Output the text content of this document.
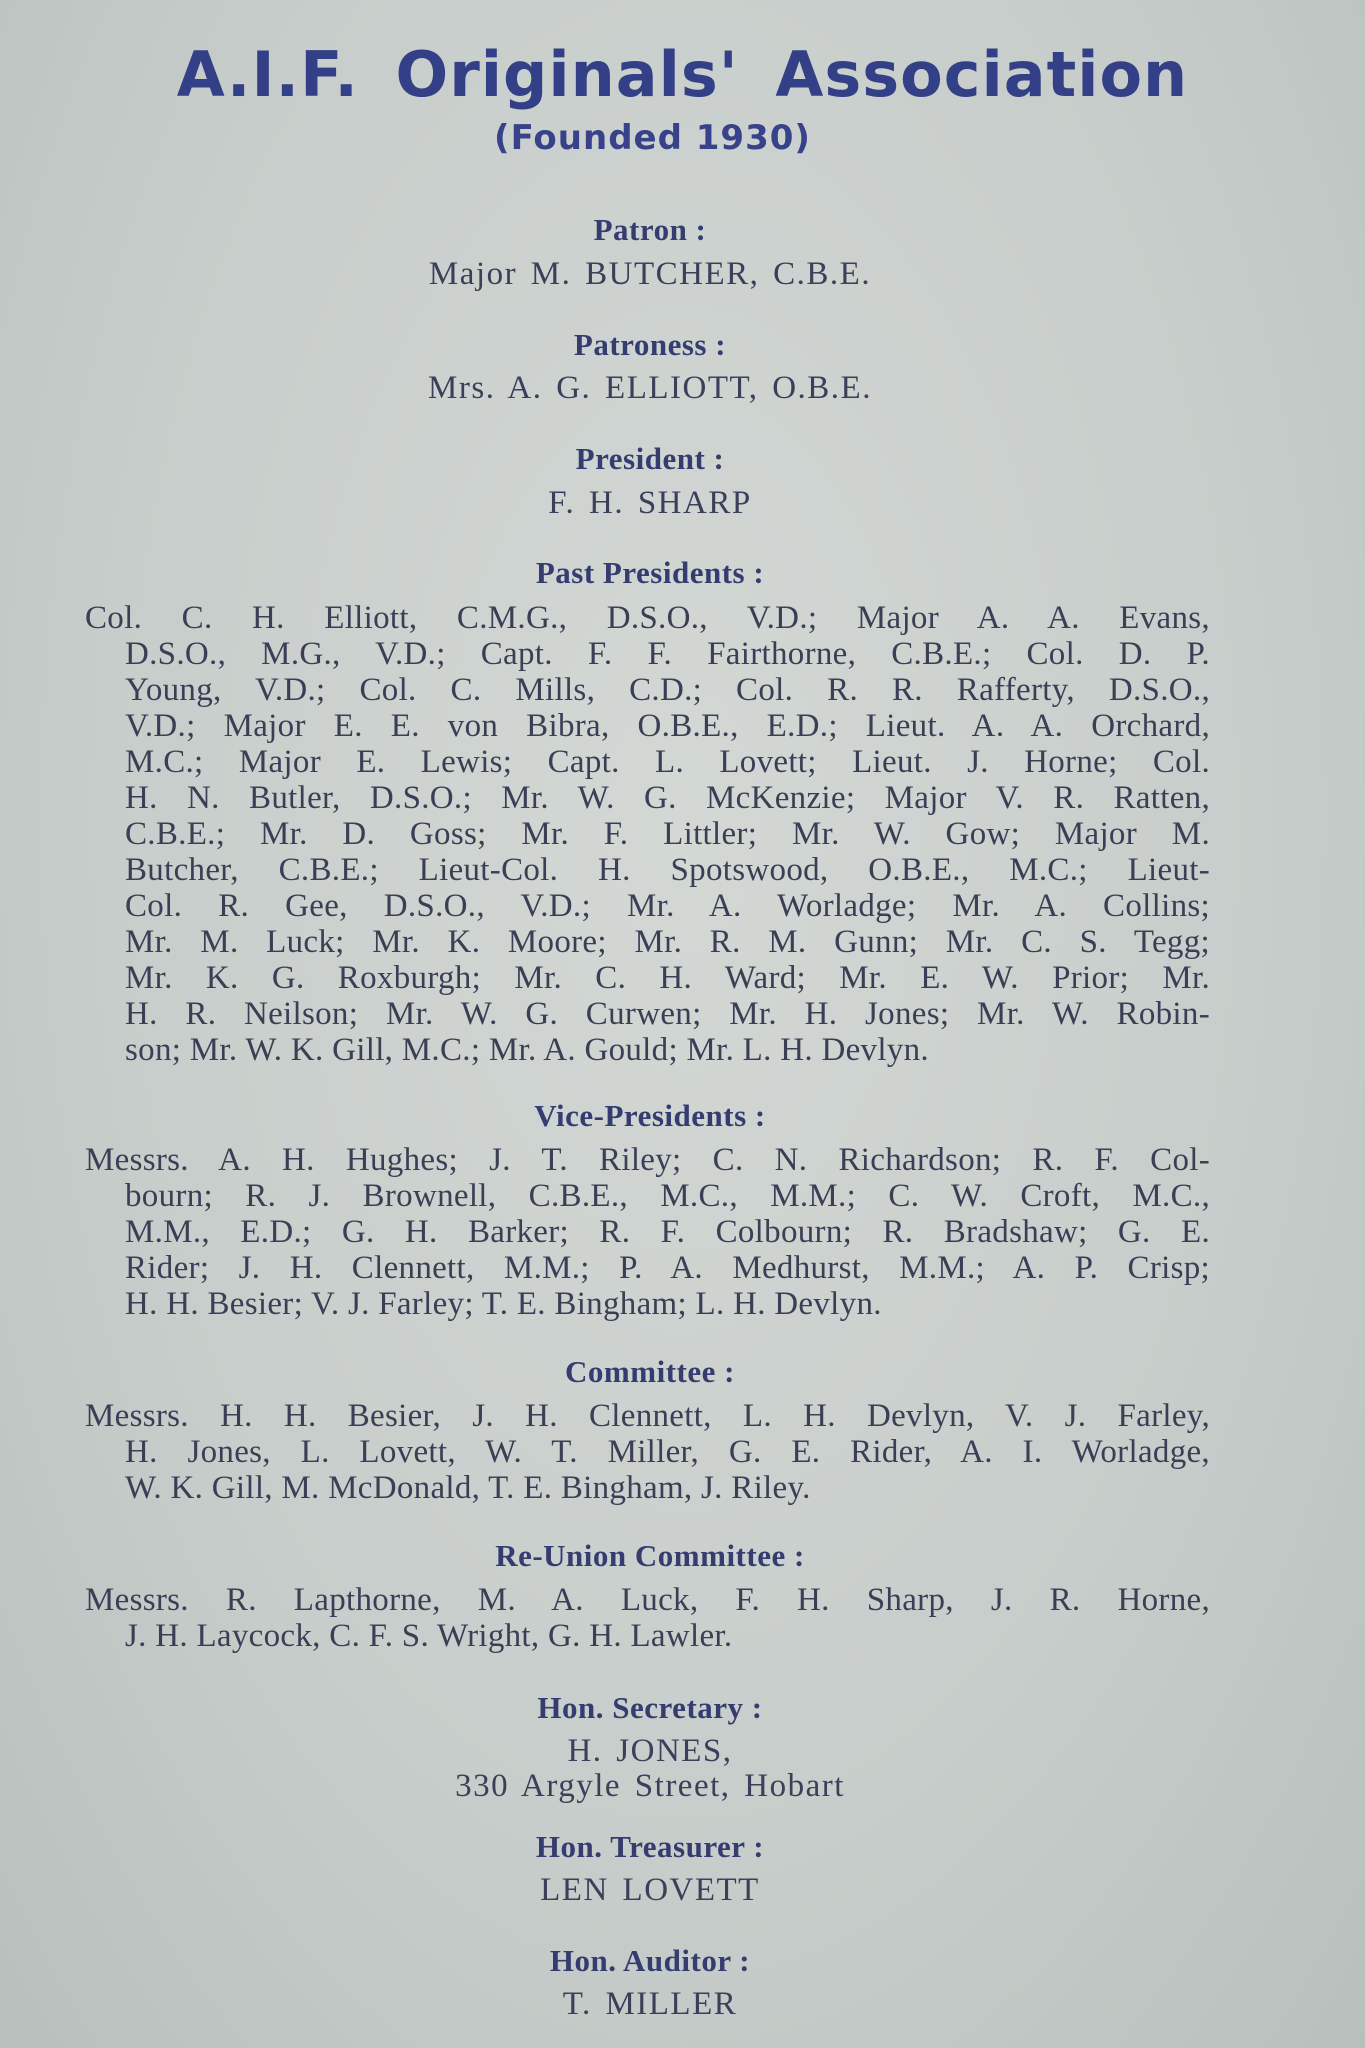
A.I.F. Originals' Association
(Founded 1930)
Patron :
Major M. BUTCHER, C.B.E.
Patroness :
Mrs. A. G. ELLIOTT, O.B.E.
President :
F. H. SHARP
Past Presidents :
Col. C. H. Elliott, C.M.G., D.S.O., V.D.; Major A. A. Evans,
D.S.O., M.G., V.D.; Capt. F. F. Fairthorne, C.B.E.; Col. D. P.
Young, V.D.; Col. C. Mills, C.D.; Col. R. R. Rafferty, D.S.O.,
V.D.; Major E. E. von Bibra, O.B.E., E.D.; Lieut. A. A. Orchard,
M.C.; Major E. Lewis; Capt. L. Lovett; Lieut. J. Horne; Col.
H. N. Butler, D.S.O.; Mr. W. G. McKenzie; Major V. R. Ratten,
C.B.E.; Mr. D. Goss; Mr. F. Littler; Mr. W. Gow; Major M.
Butcher, C.B.E.; Lieut-Col. H. Spotswood, O.B.E., M.C.; Lieut-
Col. R. Gee, D.S.O., V.D.; Mr. A. Worladge; Mr. A. Collins;
Mr. M. Luck; Mr. K. Moore; Mr. R. M. Gunn; Mr. C. S. Tegg;
Mr. K. G. Roxburgh; Mr. C. H. Ward; Mr. E. W. Prior; Mr.
H. R. Neilson; Mr. W. G. Curwen; Mr. H. Jones; Mr. W. Robin-
son; Mr. W. K. Gill, M.C.; Mr. A. Gould; Mr. L. H. Devlyn.
Vice-Presidents :
Messrs. A. H. Hughes; J. T. Riley; C. N. Richardson; R. F. Col-
bourn; R. J. Brownell, C.B.E., M.C., M.M.; C. W. Croft, M.C.,
M.M., E.D.; G. H. Barker; R. F. Colbourn; R. Bradshaw; G. E.
Rider; J. H. Clennett, M.M.; P. A. Medhurst, M.M.; A. P. Crisp;
H. H. Besier; V. J. Farley; T. E. Bingham; L. H. Devlyn.
Committee :
Messrs. H. H. Besier, J. H. Clennett, L. H. Devlyn, V. J. Farley,
H. Jones, L. Lovett, W. T. Miller, G. E. Rider, A. I. Worladge,
W. K. Gill, M. McDonald, T. E. Bingham, J. Riley.
Re-Union Committee :
Messrs. R. Lapthorne, M. A. Luck, F. H. Sharp, J. R. Horne,
J. H. Laycock, C. F. S. Wright, G. H. Lawler.
Hon. Secretary :
H. JONES,
330 Argyle Street, Hobart
Hon. Treasurer :
LEN LOVETT
Hon. Auditor :
T. MILLER
